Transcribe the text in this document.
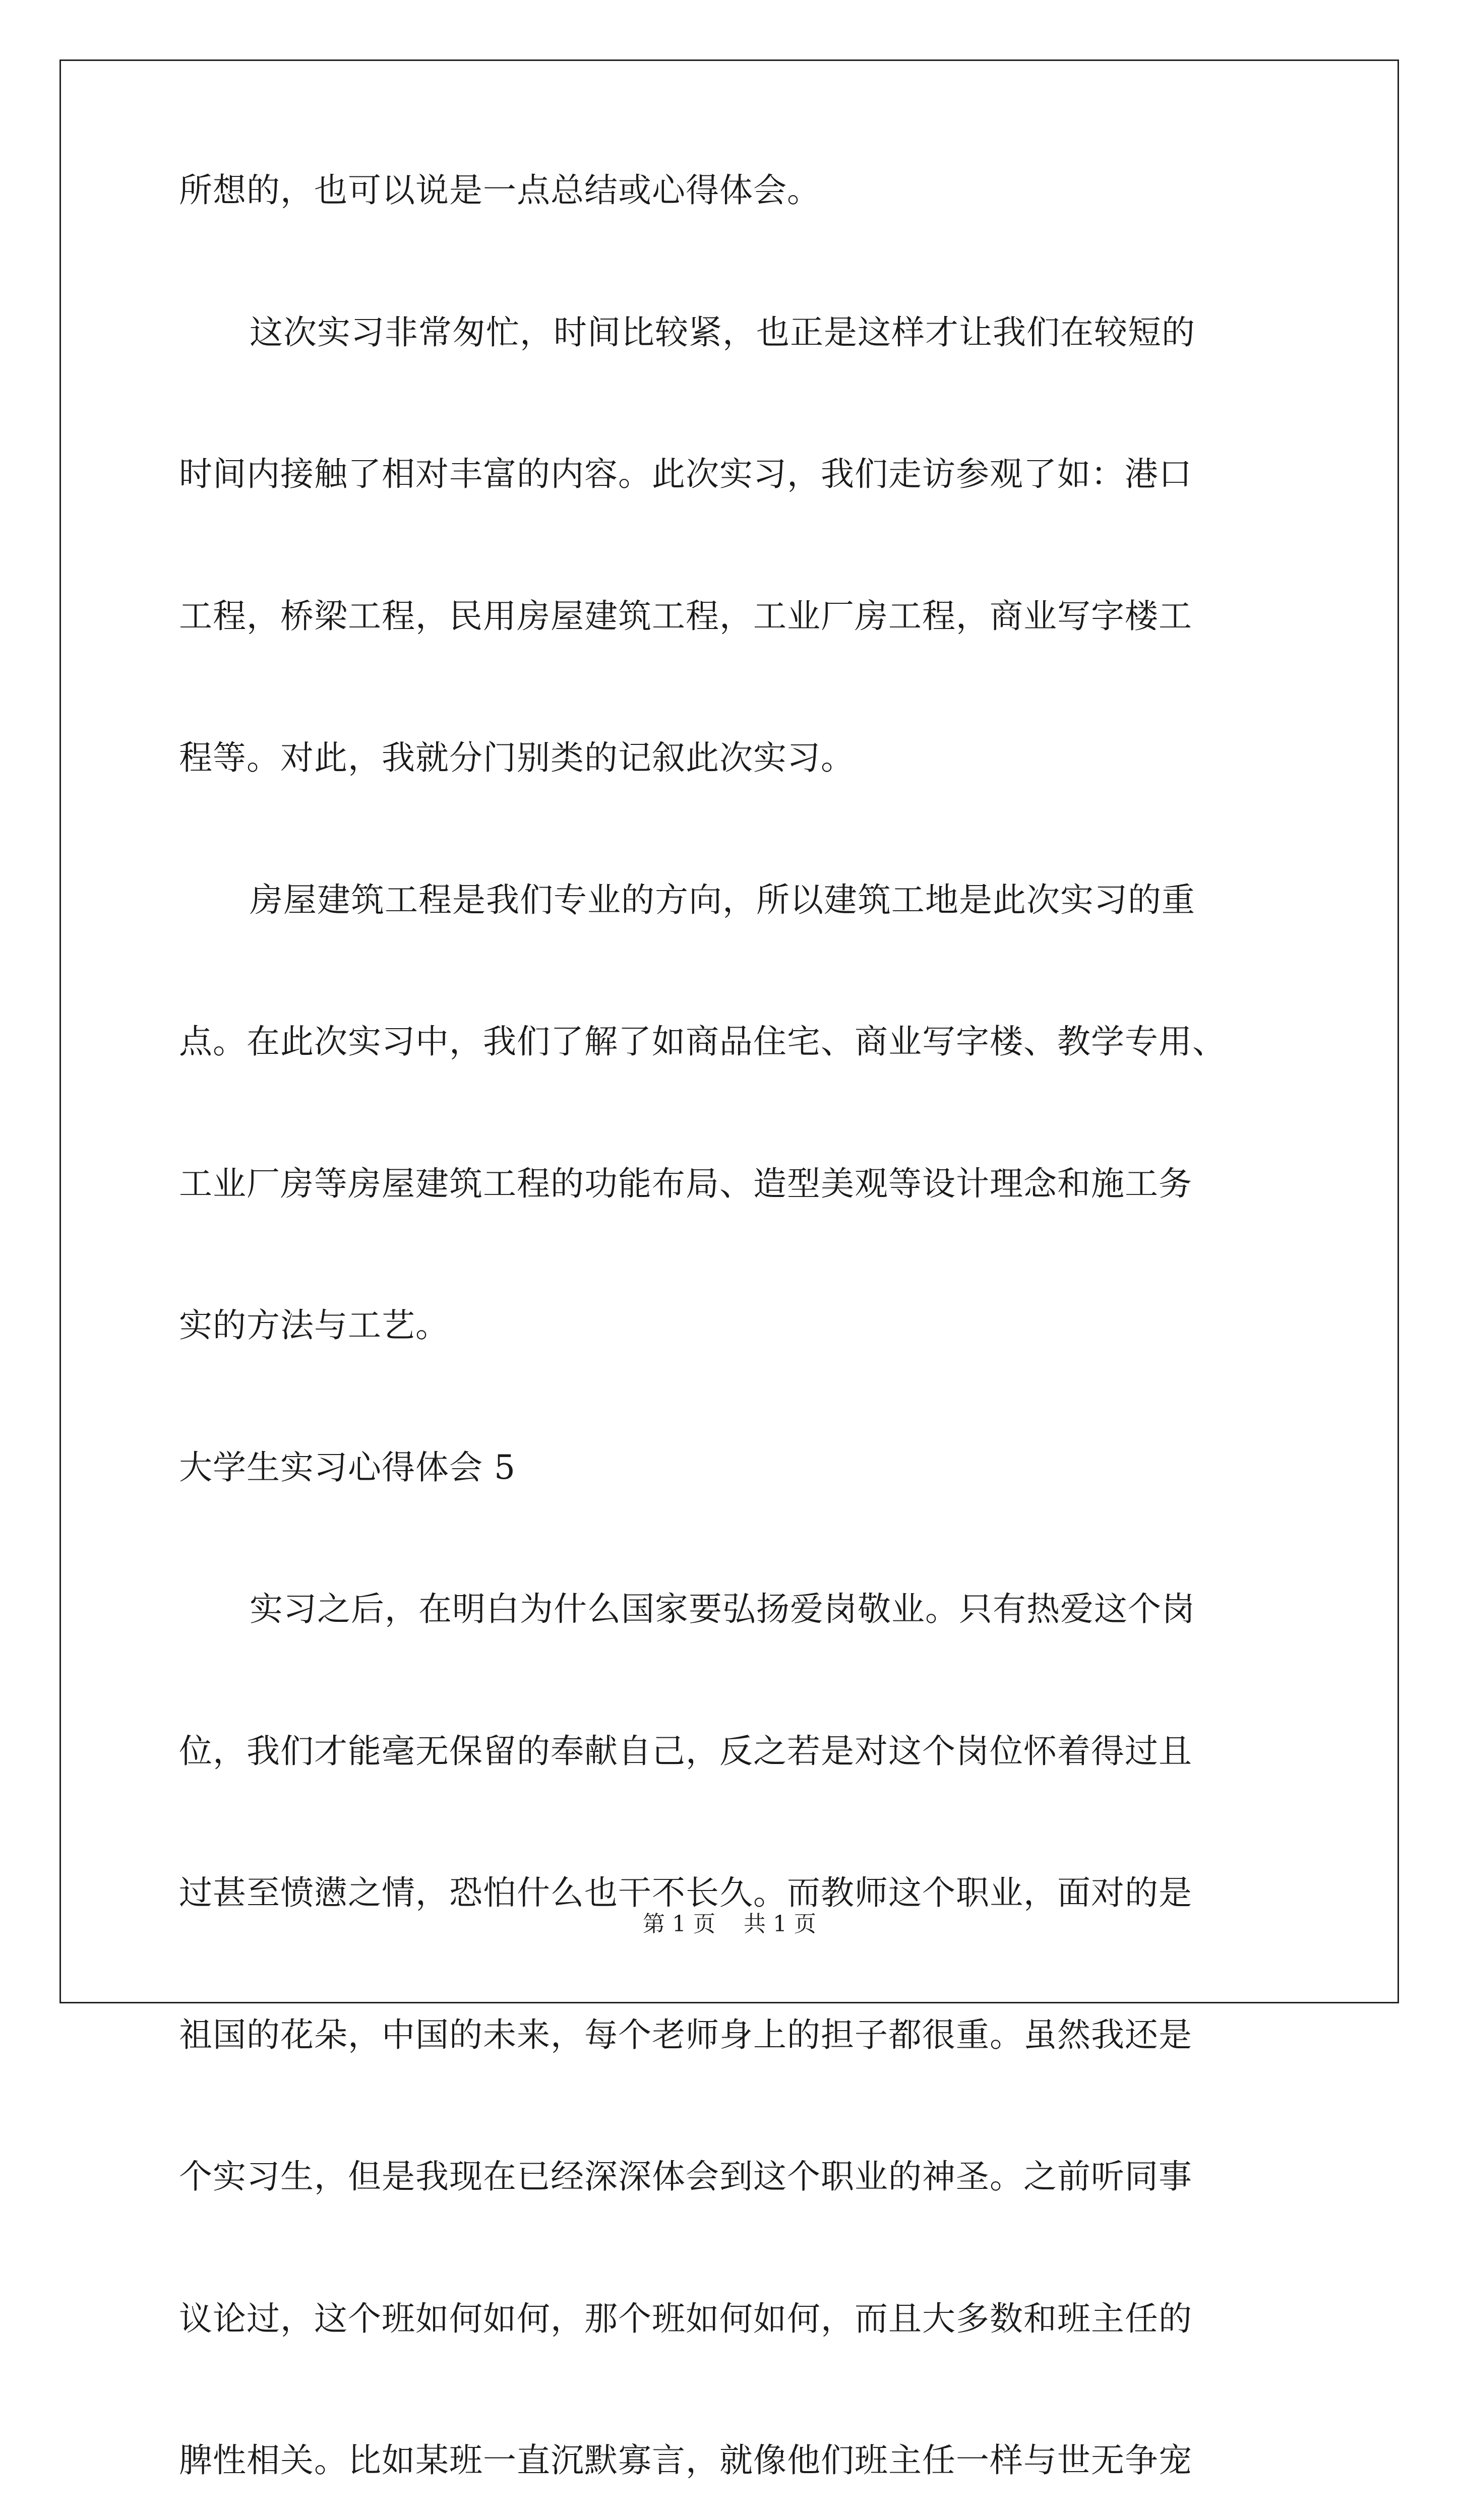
所想的，也可以说是一点总结或心得体会。
这次实习非常匆忙，时间比较紧，也正是这样才让我们在较短的
时间内接触了相对丰富的内容。此次实习，我们走访参观了如：港口
工程，桥梁工程，民用房屋建筑工程，工业厂房工程，商业写字楼工
程等。对此，我就分门别类的记叙此次实习。
房屋建筑工程是我们专业的方向，所以建筑工地是此次实习的重
点。在此次实习中，我们了解了如商品住宅、商业写字楼、教学专用、
工业厂房等房屋建筑工程的功能布局、造型美观等设计理念和施工务
实的方法与工艺。
大学生实习心得体会 5
实习之后，在明白为什么国家要弘扬爱岗敬业。只有热爱这个岗
位，我们才能毫无保留的奉献自己，反之若是对这个岗位怀着得过且
过甚至愤懑之情，恐怕什么也干不长久。而教师这个职业，面对的是
祖国的花朵，中国的未来，每个老师身上的担子都很重。虽然我还是
个实习生，但是我现在已经深深体会到这个职业的神圣。之前听同事
议论过，这个班如何如何，那个班如何如何，而且大多数和班主任的
脾性相关。比如某班一直沉默寡言，就像他们班主任一样与世无争宠
第 1 页    共 1 页
